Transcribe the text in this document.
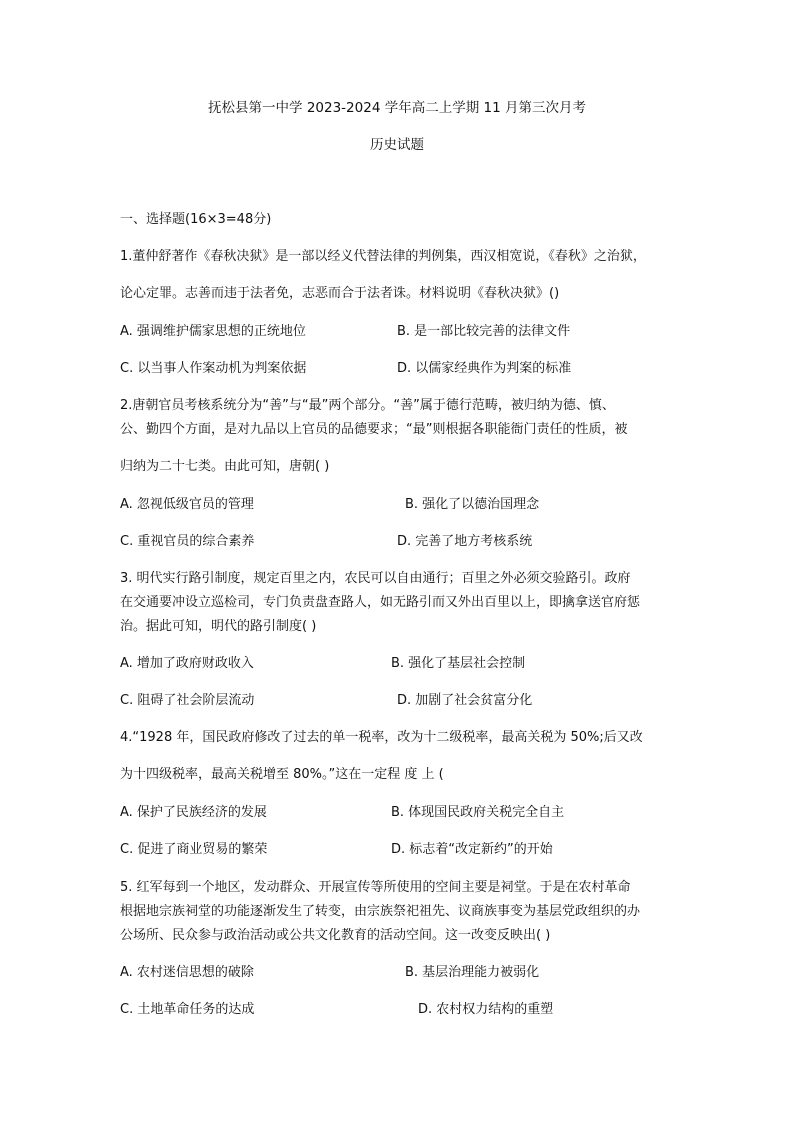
抚松县第一中学 2023-2024 学年高二上学期 11 月第三次月考
历史试题
一、选择题(16×3=48分)
1.董仲舒著作《春秋决狱》是一部以经义代替法律的判例集，西汉相宽说，《春秋》之治狱，
论心定罪。志善而违于法者免，志恶而合于法者诛。材料说明《春秋决狱》()
A. 强调维护儒家思想的正统地位	B. 是一部比较完善的法律文件
C. 以当事人作案动机为判案依据	D. 以儒家经典作为判案的标准
2.唐朝官员考核系统分为“善”与“最”两个部分。“善”属于德行范畴，被归纳为德、慎、
公、勤四个方面，是对九品以上官员的品德要求；“最”则根据各职能衙门责任的性质，被
归纳为二十七类。由此可知，唐朝( )
A. 忽视低级官员的管理	B. 强化了以德治国理念
C. 重视官员的综合素养	D. 完善了地方考核系统
3. 明代实行路引制度，规定百里之内，农民可以自由通行；百里之外必须交验路引。政府
在交通要冲设立巡检司，专门负责盘查路人，如无路引而又外出百里以上，即擒拿送官府惩
治。据此可知，明代的路引制度( )
A. 增加了政府财政收入	B. 强化了基层社会控制
C. 阻碍了社会阶层流动	D. 加剧了社会贫富分化
4.“1928 年，国民政府修改了过去的单一税率，改为十二级税率，最高关税为 50%;后又改
为十四级税率，最高关税增至 80%。”这在一定程 度 上 (
A. 保护了民族经济的发展	B. 体现国民政府关税完全自主
C. 促进了商业贸易的繁荣	D. 标志着“改定新约”的开始
5. 红军每到一个地区，发动群众、开展宣传等所使用的空间主要是祠堂。于是在农村革命
根据地宗族祠堂的功能逐渐发生了转变，由宗族祭祀祖先、议商族事变为基层党政组织的办
公场所、民众参与政治活动或公共文化教育的活动空间。这一改变反映出( )
A. 农村迷信思想的破除	B. 基层治理能力被弱化
C. 土地革命任务的达成	D. 农村权力结构的重塑
